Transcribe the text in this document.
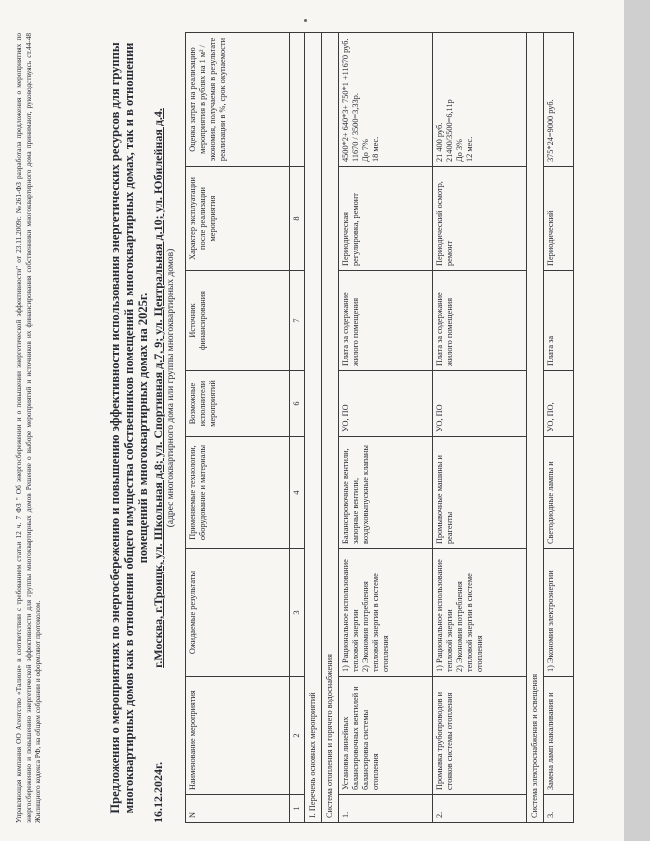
Управляющая компания ОО Агентство «Талион» в соответствии с требованием статьи 12 ч. 7 ФЗ " Об энергосбережении и о повышении энергетической эффективности" от 23.11.2009г. №261-ФЗ разработала предложения о мероприятиях по энергосбережению и повышению энергетической эффективности для группы многоквартирных домов Решение о выборе мероприятий и источников их финансирования собственники многоквартирного дома принимают, руководствуясь ст.44-48 Жилищного кодекса РФ, на общем собрании и оформляют протоколом.	Предложения о мероприятиях по энергосбережению и повышению эффективности использования энергетических ресурсов для группы многоквартирных домов как в отношении общего имущества собственников помещений в многоквартирных домах, так и в отношении помещений в многоквартирных домах на 2025г.
16.12.2024г.
г.Москва, г.Троицк, ул. Школьная д.8; ул. Спортивная д.7, 9; ул. Центральная д.10; ул. Юбилейная д.4. (адрес многоквартирного дома или группы многоквартирных домов)
N	Наименование мероприятия	Ожидаемые результаты	Применяемые технологии, оборудование и материалы	Возможные исполнители мероприятий	Источник финансирования	Характер эксплуатации после реализации мероприятия	Оценка затрат на реализацию мероприятия в рублях на 1 м² / экономия, получаемая в результате реализации в %, срок окупаемости
1	2	3	4	6	7	8	
I. Перечень основных мероприятий							
Система отопления и горячего водоснабжения							
1.	Установка линейных балансировочных вентилей и балансировка системы отопления	1) Рациональное использование тепловой энергии
2) Экономия потребления тепловой энергии в системе отопления	Балансировочные вентили, запорные вентили, воздуховыпускные клапаны	УО, ПО	Плата за содержание жилого помещения	Периодическая регулировка, ремонт	4500*2+ 640*3+ 750*1 +11670 руб.
11670 / 3500=3,33р.
До 7%
18 мес.
2.	Промывка трубопроводов и стояков системы отопления	1) Рациональное использование тепловой энергии
2) Экономия потребления тепловой энергии в системе отопления	Промывочные машины и реагенты	УО, ПО	Плата за содержание жилого помещения	Периодический осмотр, ремонт	21 400 руб.
21400/3500=6,11р
До 3%
12 мес.
Система электроснабжения и освещения							
3.	Замена ламп накаливания и	1) Экономия электроэнергии	Светодиодные лампы и	УО, ПО,	Плата за	Периодический	375*24=9000 руб.
